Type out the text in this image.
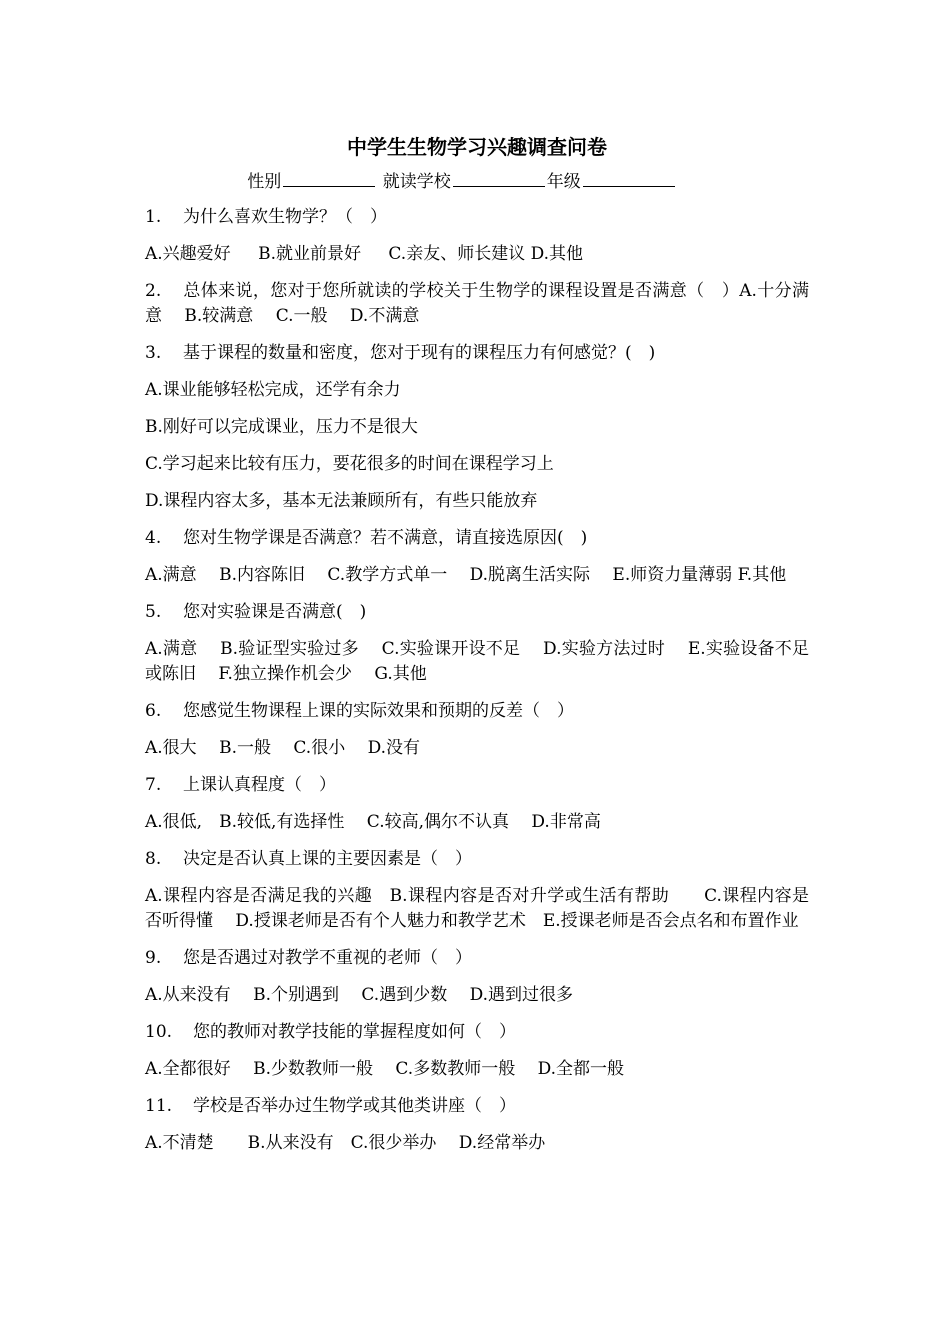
中学生生物学习兴趣调查问卷
性别	就读学校	年级
1. 为什么喜欢生物学？（　）
A.兴趣爱好 B.就业前景好 C.亲友、师长建议 D.其他
2. 总体来说，您对于您所就读的学校关于生物学的课程设置是否满意（　）A.十分满意　 B.较满意　 C.一般　 D.不满意
3. 基于课程的数量和密度，您对于现有的课程压力有何感觉？(　)
A.课业能够轻松完成，还学有余力
B.刚好可以完成课业，压力不是很大
C.学习起来比较有压力，要花很多的时间在课程学习上
D.课程内容太多，基本无法兼顾所有，有些只能放弃
4. 您对生物学课是否满意？若不满意，请直接选原因(　)
A.满意　 B.内容陈旧　 C.教学方式单一　 D.脱离生活实际　 E.师资力量薄弱 F.其他
5. 您对实验课是否满意(　)
A.满意　 B.验证型实验过多　 C.实验课开设不足　 D.实验方法过时　 E.实验设备不足或陈旧　 F.独立操作机会少　 G.其他
6. 您感觉生物课程上课的实际效果和预期的反差（　）
A.很大　 B.一般　 C.很小　 D.没有
7. 上课认真程度（　）
A.很低,　B.较低,有选择性　 C.较高,偶尔不认真　 D.非常高
8. 决定是否认真上课的主要因素是（　）
A.课程内容是否满足我的兴趣　B.课程内容是否对升学或生活有帮助　　C.课程内容是否听得懂　 D.授课老师是否有个人魅力和教学艺术　E.授课老师是否会点名和布置作业
9. 您是否遇过对教学不重视的老师（　）
A.从来没有　 B.个别遇到　 C.遇到少数　 D.遇到过很多
10. 您的教师对教学技能的掌握程度如何（　）
A.全都很好　 B.少数教师一般　 C.多数教师一般　 D.全都一般
11. 学校是否举办过生物学或其他类讲座（　）
A.不清楚　　B.从来没有　C.很少举办　 D.经常举办
